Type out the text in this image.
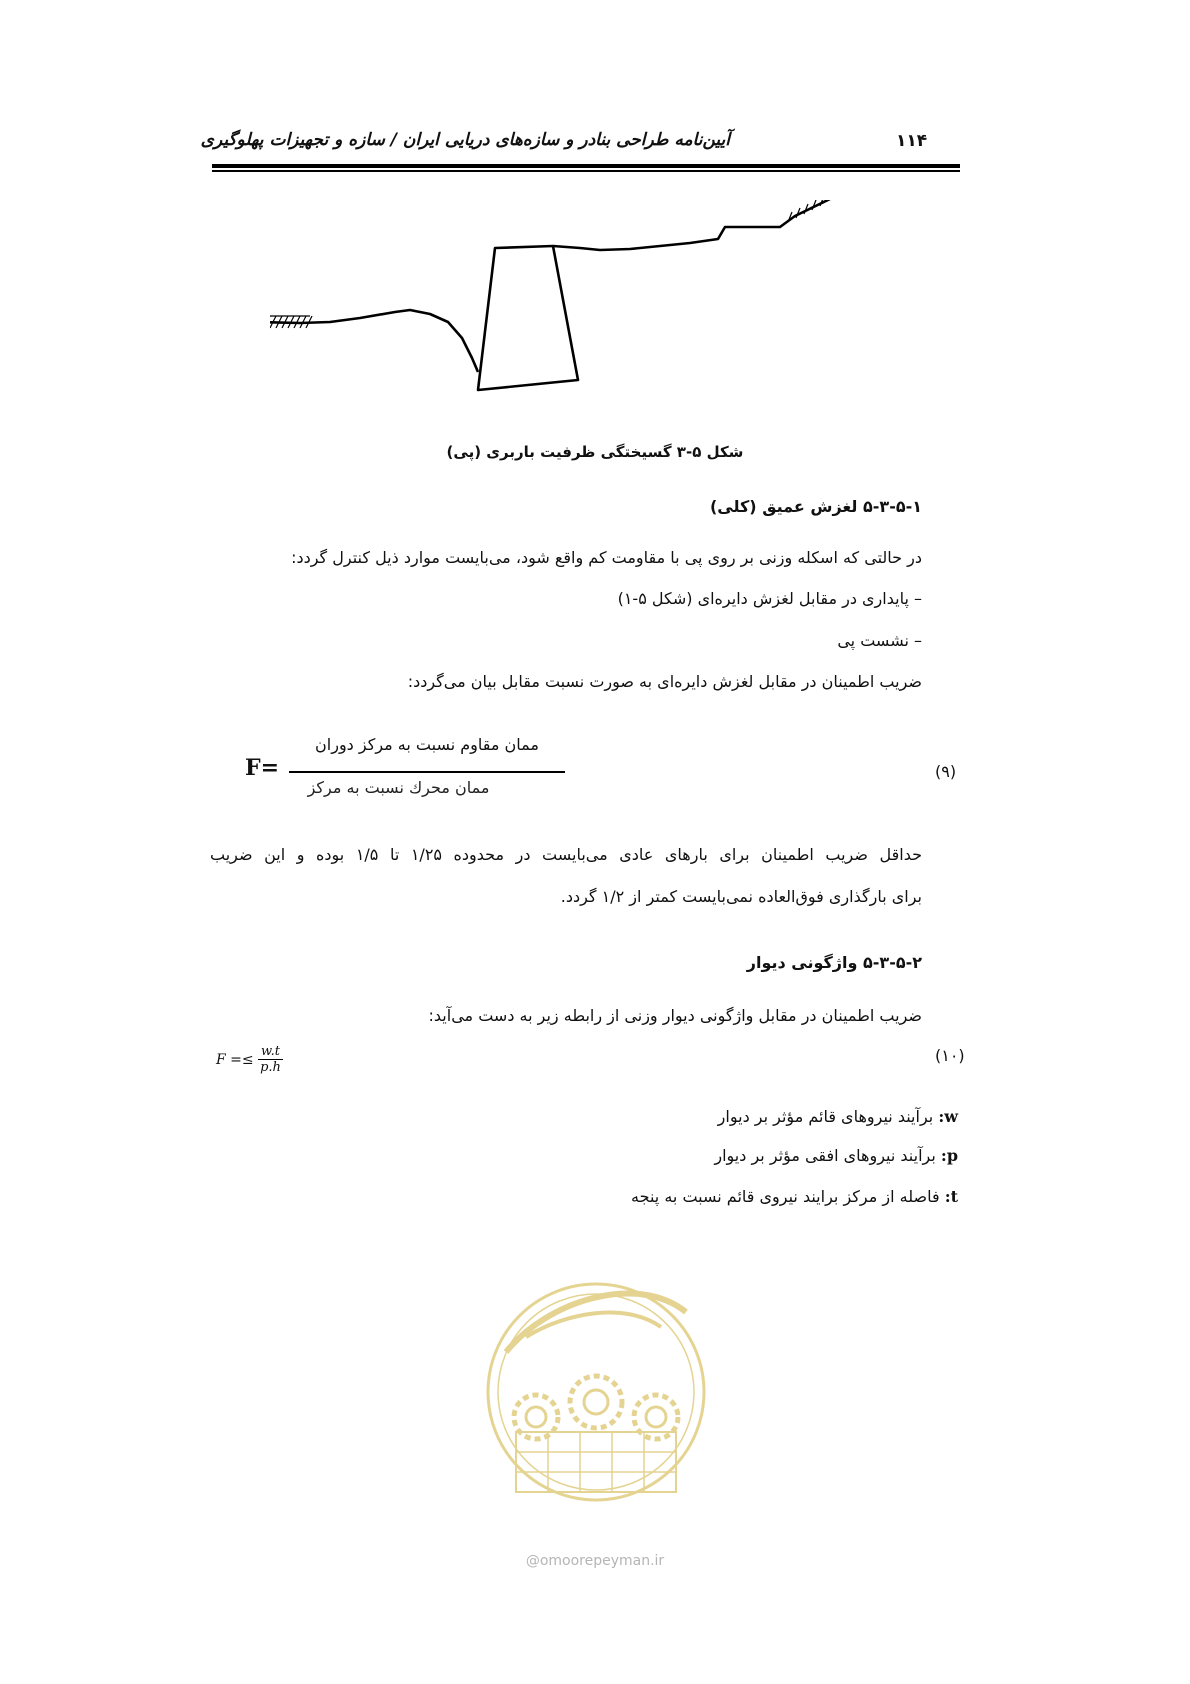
آیین‌نامه طراحی بنادر و سازه‌های دریایی ایران / سازه و تجهیزات پهلوگیری	۱۱۴
شکل ۵-۳ گسیختگی ظرفیت باربری (پی)
۵-۳-۵-۱ لغزش عمیق (کلی)
در حالتی که اسکله وزنی بر روی پی با مقاومت کم واقع شود، می‌بایست موارد ذیل کنترل گردد:
– پایداری در مقابل لغزش دایره‌ای (شکل ۵-۱)
– نشست پی
ضریب اطمینان در مقابل لغزش دایره‌ای به صورت نسبت مقابل بیان می‌گردد:
F=
ممان مقاوم نسبت به مرکز دوران
ممان محرك نسبت به مركز
(۹)
حداقل ضریب اطمینان برای بارهای عادی می‌بایست در محدوده ۱/۲۵ تا ۱/۵ بوده و این ضریب
برای بارگذاری فوق‌العاده نمی‌بایست کمتر از ۱/۲ گردد.
۵-۳-۵-۲ واژگونی دیوار
ضریب اطمینان در مقابل واژگونی دیوار وزنی از رابطه زیر به دست می‌آید:
$F =\le \frac{w.t}{p.h}$	(۱۰)
w: برآیند نیروهای قائم مؤثر بر دیوار
p: برآیند نیروهای افقی مؤثر بر دیوار
t: فاصله از مرکز برایند نیروی قائم نسبت به پنجه
@omoorepeyman.ir
